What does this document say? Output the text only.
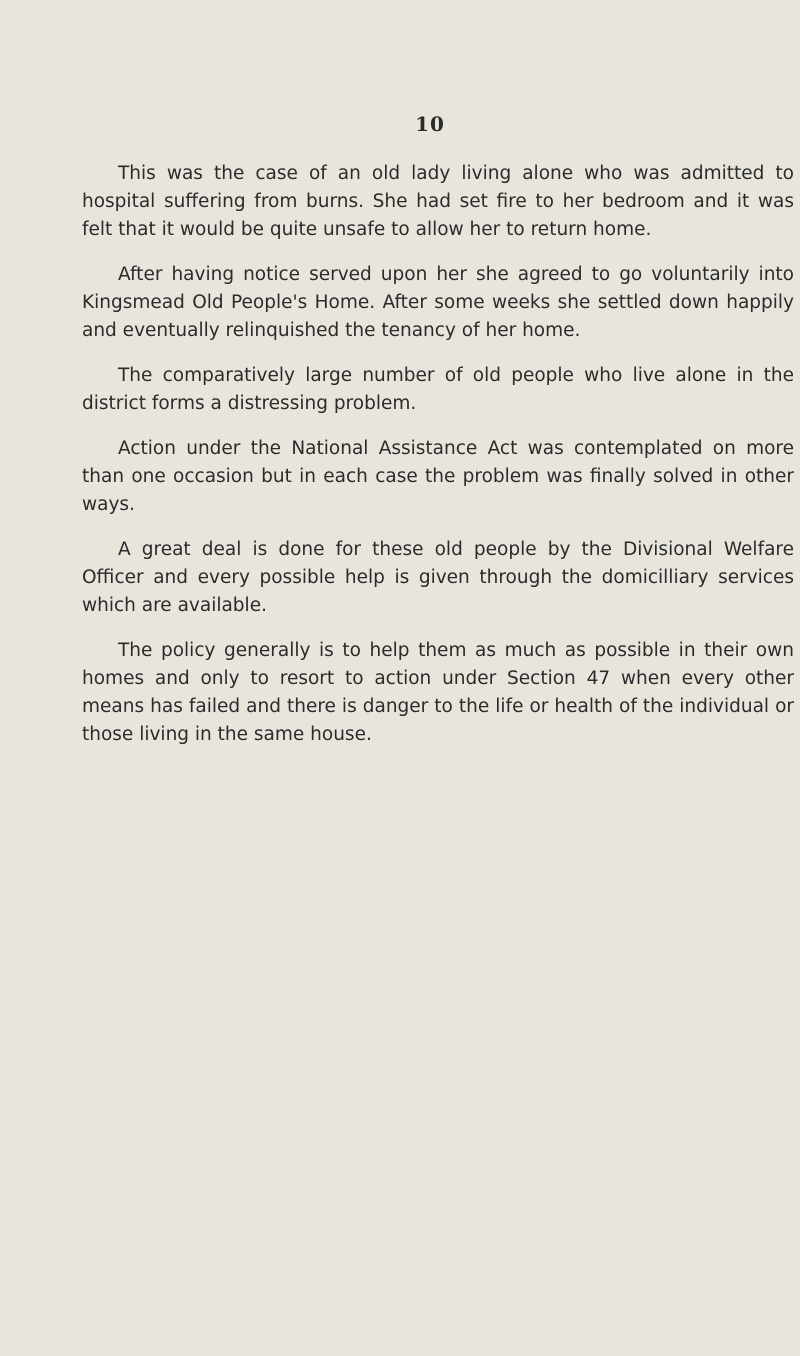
10

This was the case of an old lady living alone who was admitted to hospital suffering from burns. She had set fire to her bedroom and it was felt that it would be quite unsafe to allow her to return home.

After having notice served upon her she agreed to go voluntarily into Kingsmead Old People's Home. After some weeks she settled down happily and eventually relinquished the tenancy of her home.

The comparatively large number of old people who live alone in the district forms a distressing problem.

Action under the National Assistance Act was contemplated on more than one occasion but in each case the problem was finally solved in other ways.

A great deal is done for these old people by the Divisional Welfare Officer and every possible help is given through the domicilliary services which are available.

The policy generally is to help them as much as possible in their own homes and only to resort to action under Section 47 when every other means has failed and there is danger to the life or health of the individual or those living in the same house.
